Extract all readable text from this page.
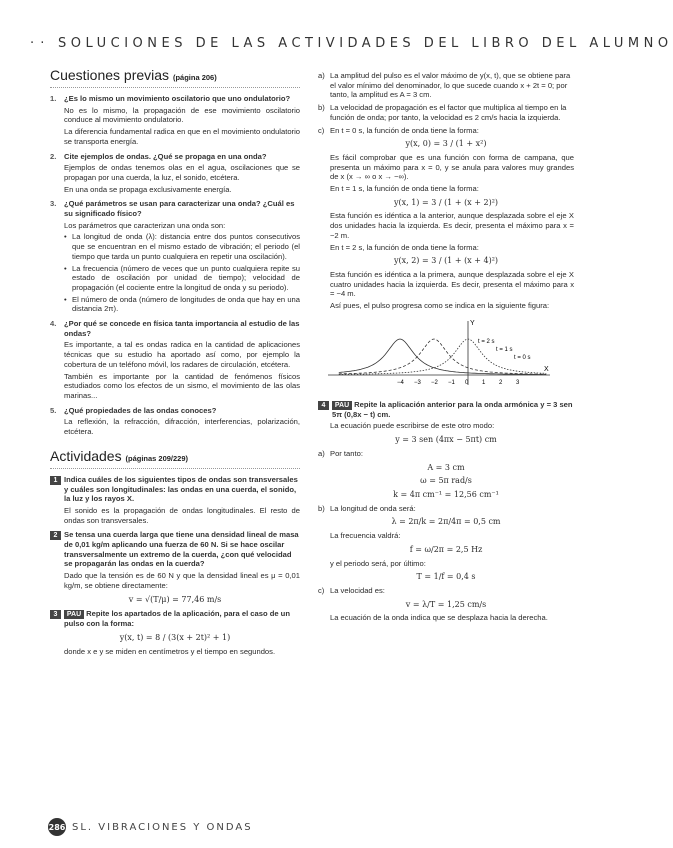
· · SOLUCIONES DE LAS ACTIVIDADES DEL LIBRO DEL ALUMNO
Cuestiones previas (página 206)
1.	¿Es lo mismo un movimiento oscilatorio que uno ondulatorio?
No es lo mismo, la propagación de ese movimiento oscilatorio conduce al movimiento ondulatorio.
La diferencia fundamental radica en que en el movimiento ondulatorio se transporta energía.
2.	Cite ejemplos de ondas. ¿Qué se propaga en una onda?
Ejemplos de ondas tenemos olas en el agua, oscilaciones que se propagan por una cuerda, la luz, el sonido, etcétera.
En una onda se propaga exclusivamente energía.
3.	¿Qué parámetros se usan para caracterizar una onda? ¿Cuál es su significado físico?
Los parámetros que caracterizan una onda son:
• La longitud de onda (λ): distancia entre dos puntos consecutivos que se encuentran en el mismo estado de vibración; el periodo (el tiempo que tarda un punto cualquiera en repetir una oscilación).
• La frecuencia (número de veces que un punto cualquiera repite su estado de oscilación por unidad de tiempo); velocidad de propagación (el cociente entre la longitud de onda y su periodo).
• El número de onda (número de longitudes de onda que hay en una distancia 2π).
4.	¿Por qué se concede en física tanta importancia al estudio de las ondas?
Es importante, a tal es ondas radica en la cantidad de aplicaciones técnicas que su estudio ha aportado así como, por ejemplo la cobertura de un teléfono móvil, los radares de circulación, etcétera.
También es importante por la cantidad de fenómenos físicos estudiados como los efectos de un sismo, el movimiento de las olas marinas...
5.	¿Qué propiedades de las ondas conoces?
La reflexión, la refracción, difracción, interferencias, polarización, etcétera.
Actividades (páginas 209/229)
1 Indica cuáles de los siguientes tipos de ondas son transversales y cuáles son longitudinales: las ondas en una cuerda, el sonido, la luz y los rayos X.
El sonido es la propagación de ondas longitudinales. El resto de ondas son transversales.
2 Se tensa una cuerda larga que tiene una densidad lineal de masa de 0,01 kg/m aplicando una fuerza de 60 N. Si se hace oscilar transversalmente un extremo de la cuerda, ¿con qué velocidad se propagarán las ondas en la cuerda?
Dado que la tensión es de 60 N y que la densidad lineal es μ = 0,01 kg/m, se obtiene directamente:
v = √(T/μ) = 77,46 m/s
3	PAU Repite los apartados de la aplicación, para el caso de un pulso con la forma:
y(x, t) = 8 / (3(x + 2t)² + 1)
donde x e y se miden en centímetros y el tiempo en segundos.
a) La amplitud del pulso es el valor máximo de y(x, t), que se obtiene para el valor mínimo del denominador, lo que sucede cuando x + 2t = 0; por tanto, la amplitud es A = 3 cm.
b) La velocidad de propagación es el factor que multiplica al tiempo en la función de onda; por tanto, la velocidad es 2 cm/s hacia la izquierda.
c) En t = 0 s, la función de onda tiene la forma:
y(x, 0) = 3 / (1 + x²)
Es fácil comprobar que es una función con forma de campana, que presenta un máximo para x = 0, y se anula para valores muy grandes de x (x → ∞ o x → −∞).
En t = 1 s, la función de onda tiene la forma:
y(x, 1) = 3 / (1 + (x + 2)²)
Esta función es idéntica a la anterior, aunque desplazada sobre el eje X dos unidades hacia la izquierda. Es decir, presenta el máximo para x = −2 m.
En t = 2 s, la función de onda tiene la forma:
y(x, 2) = 3 / (1 + (x + 4)²)
Esta función es idéntica a la primera, aunque desplazada sobre el eje X cuatro unidades hacia la izquierda. Es decir, presenta el máximo para x = −4 m.
Así pues, el pulso progresa como se indica en la siguiente figura:
Y
X
−4 −3 −2 −1 0 1 2 3
t = 2 s
t = 1 s
t = 0 s
4	PAU Repite la aplicación anterior para la onda armónica y = 3 sen 5π (0,8x − t) cm.
La ecuación puede escribirse de este otro modo:
y = 3 sen (4πx − 5πt) cm
a) Por tanto:
A = 3 cm
ω = 5π rad/s
k = 4π cm⁻¹ = 12,56 cm⁻¹
b) La longitud de onda será:
λ = 2π/k = 2π/4π = 0,5 cm
La frecuencia valdrá:
f = ω/2π = 2,5 Hz
y el periodo será, por último:
T = 1/f = 0,4 s
c) La velocidad es:
v = λ/T = 1,25 cm/s
La ecuación de la onda indica que se desplaza hacia la derecha.
286 SL. VIBRACIONES Y ONDAS
